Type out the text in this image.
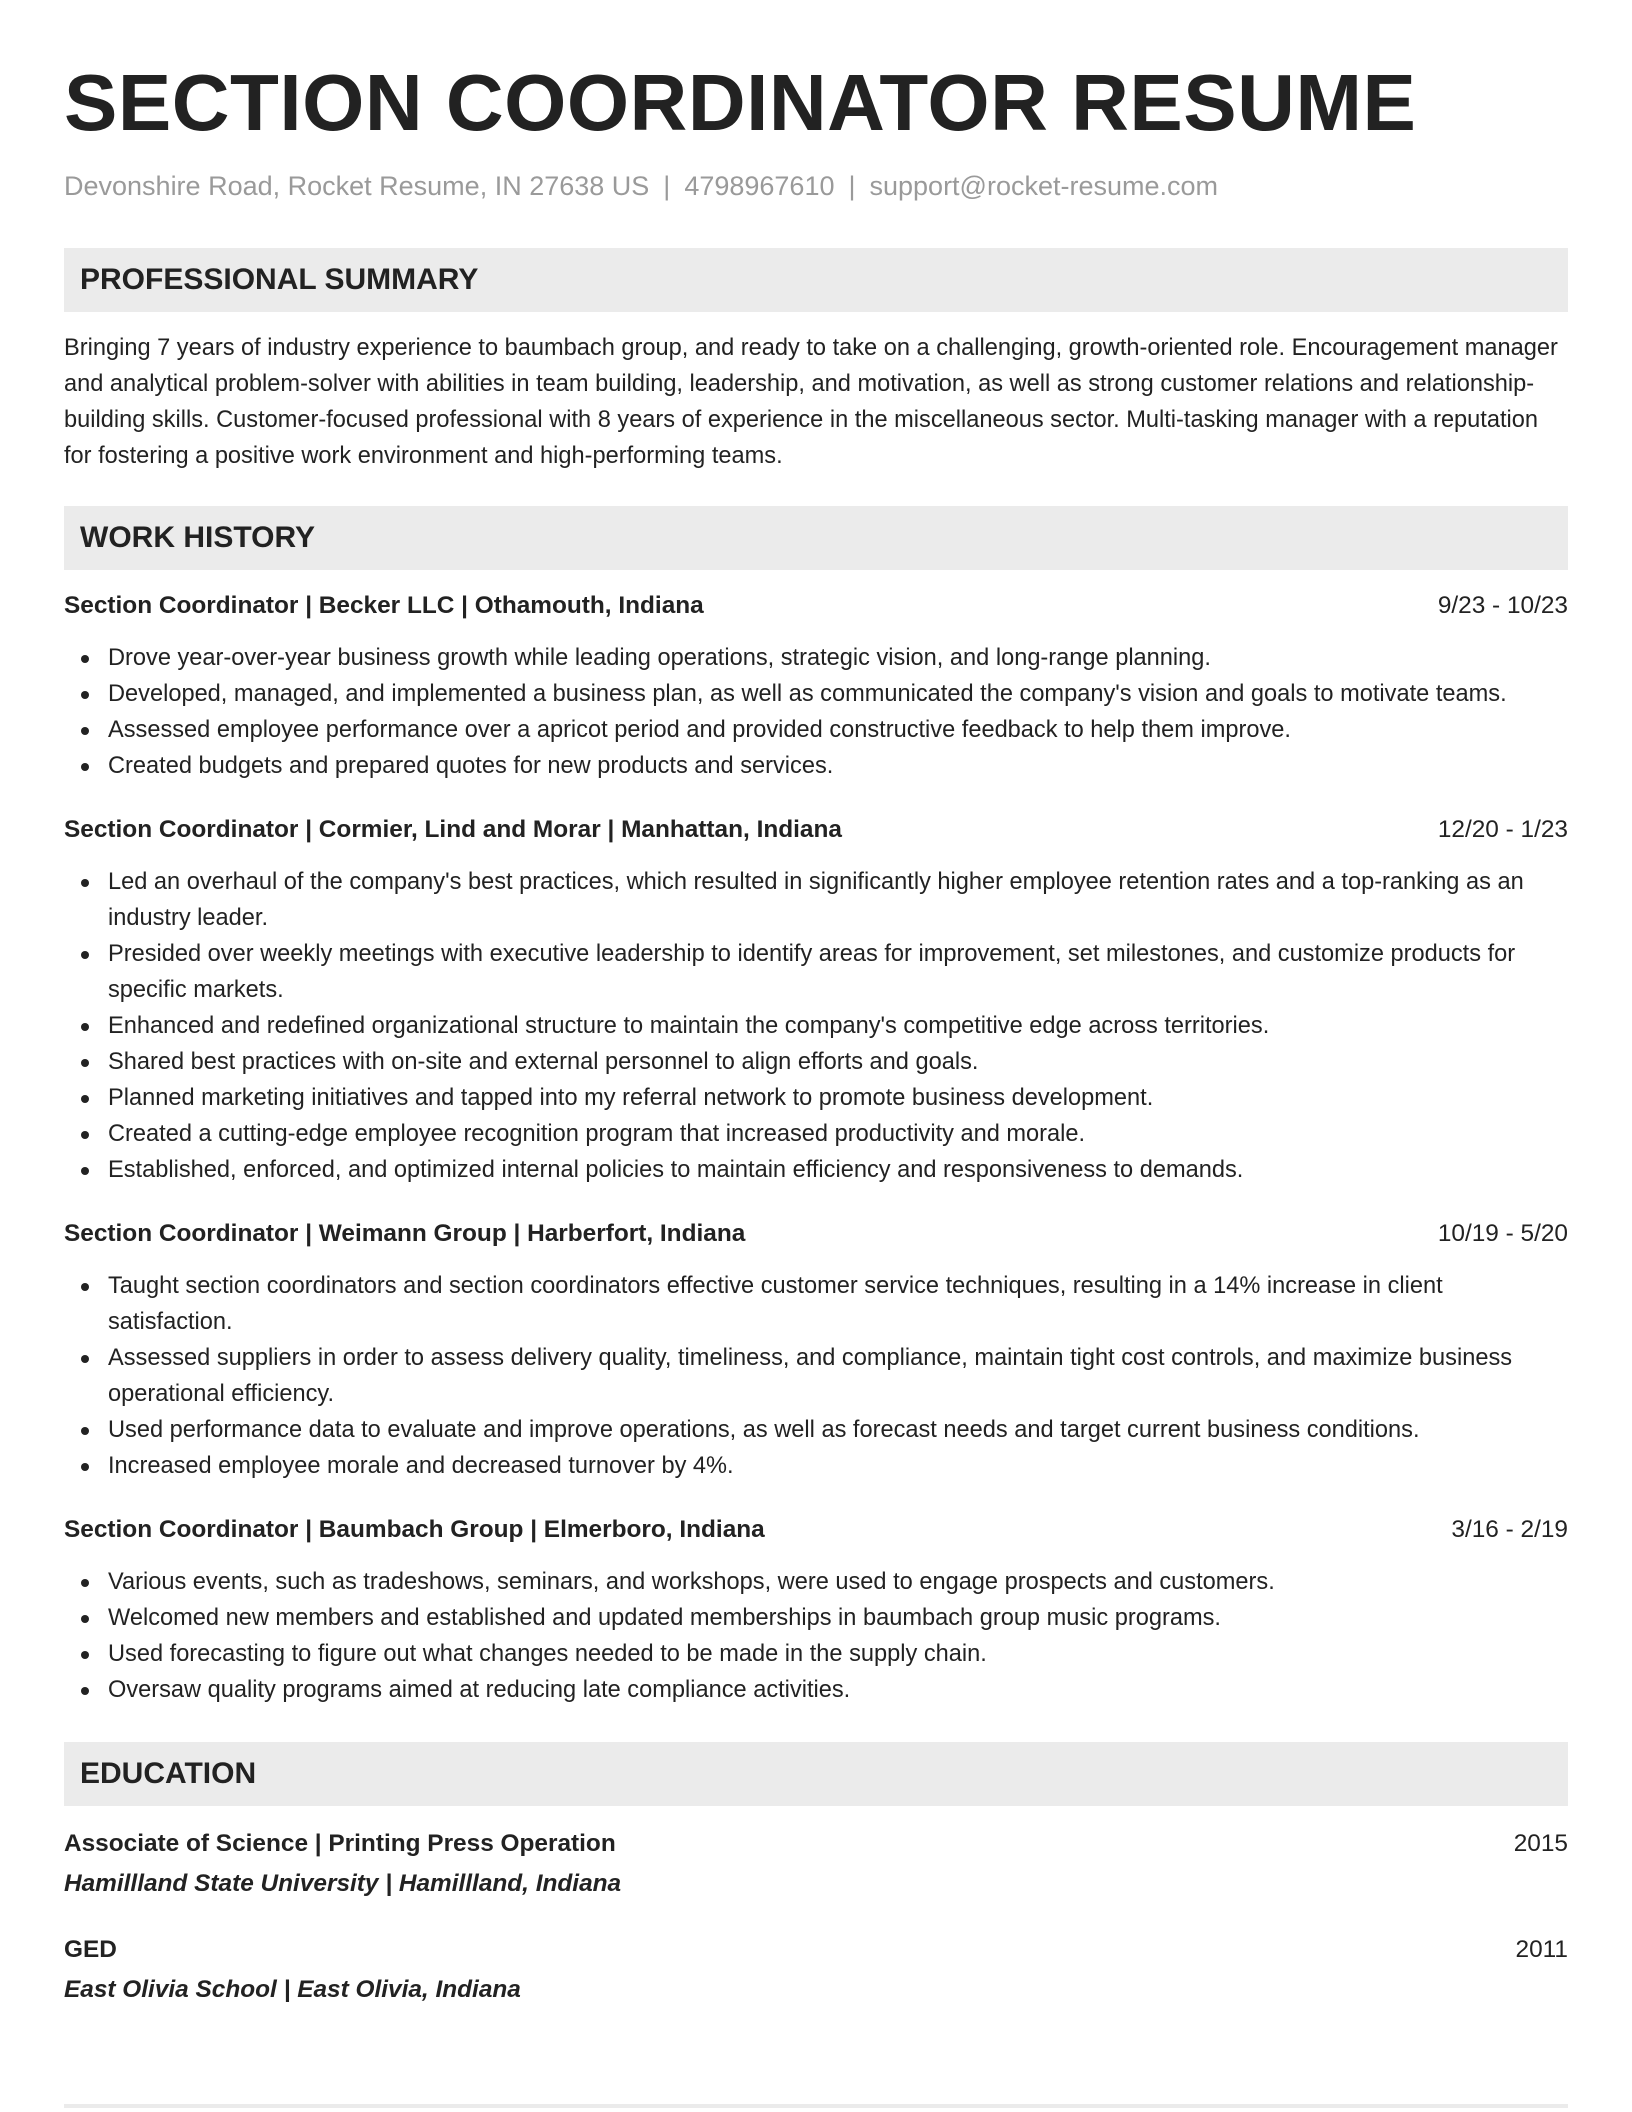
SECTION COORDINATOR RESUME
Devonshire Road, Rocket Resume, IN 27638 US | 4798967610 | support@rocket-resume.com
PROFESSIONAL SUMMARY
Bringing 7 years of industry experience to baumbach group, and ready to take on a challenging, growth-oriented role. Encouragement manager and analytical problem-solver with abilities in team building, leadership, and motivation, as well as strong customer relations and relationship-building skills. Customer-focused professional with 8 years of experience in the miscellaneous sector. Multi-tasking manager with a reputation for fostering a positive work environment and high-performing teams.
WORK HISTORY
Section Coordinator | Becker LLC | Othamouth, Indiana	9/23 - 10/23
Drove year-over-year business growth while leading operations, strategic vision, and long-range planning.
Developed, managed, and implemented a business plan, as well as communicated the company's vision and goals to motivate teams.
Assessed employee performance over a apricot period and provided constructive feedback to help them improve.
Created budgets and prepared quotes for new products and services.
Section Coordinator | Cormier, Lind and Morar | Manhattan, Indiana	12/20 - 1/23
Led an overhaul of the company's best practices, which resulted in significantly higher employee retention rates and a top-ranking as an industry leader.
Presided over weekly meetings with executive leadership to identify areas for improvement, set milestones, and customize products for specific markets.
Enhanced and redefined organizational structure to maintain the company's competitive edge across territories.
Shared best practices with on-site and external personnel to align efforts and goals.
Planned marketing initiatives and tapped into my referral network to promote business development.
Created a cutting-edge employee recognition program that increased productivity and morale.
Established, enforced, and optimized internal policies to maintain efficiency and responsiveness to demands.
Section Coordinator | Weimann Group | Harberfort, Indiana	10/19 - 5/20
Taught section coordinators and section coordinators effective customer service techniques, resulting in a 14% increase in client satisfaction.
Assessed suppliers in order to assess delivery quality, timeliness, and compliance, maintain tight cost controls, and maximize business operational efficiency.
Used performance data to evaluate and improve operations, as well as forecast needs and target current business conditions.
Increased employee morale and decreased turnover by 4%.
Section Coordinator | Baumbach Group | Elmerboro, Indiana	3/16 - 2/19
Various events, such as tradeshows, seminars, and workshops, were used to engage prospects and customers.
Welcomed new members and established and updated memberships in baumbach group music programs.
Used forecasting to figure out what changes needed to be made in the supply chain.
Oversaw quality programs aimed at reducing late compliance activities.
EDUCATION
Associate of Science | Printing Press Operation	2015
Hamillland State University | Hamillland, Indiana
GED	2011
East Olivia School | East Olivia, Indiana
